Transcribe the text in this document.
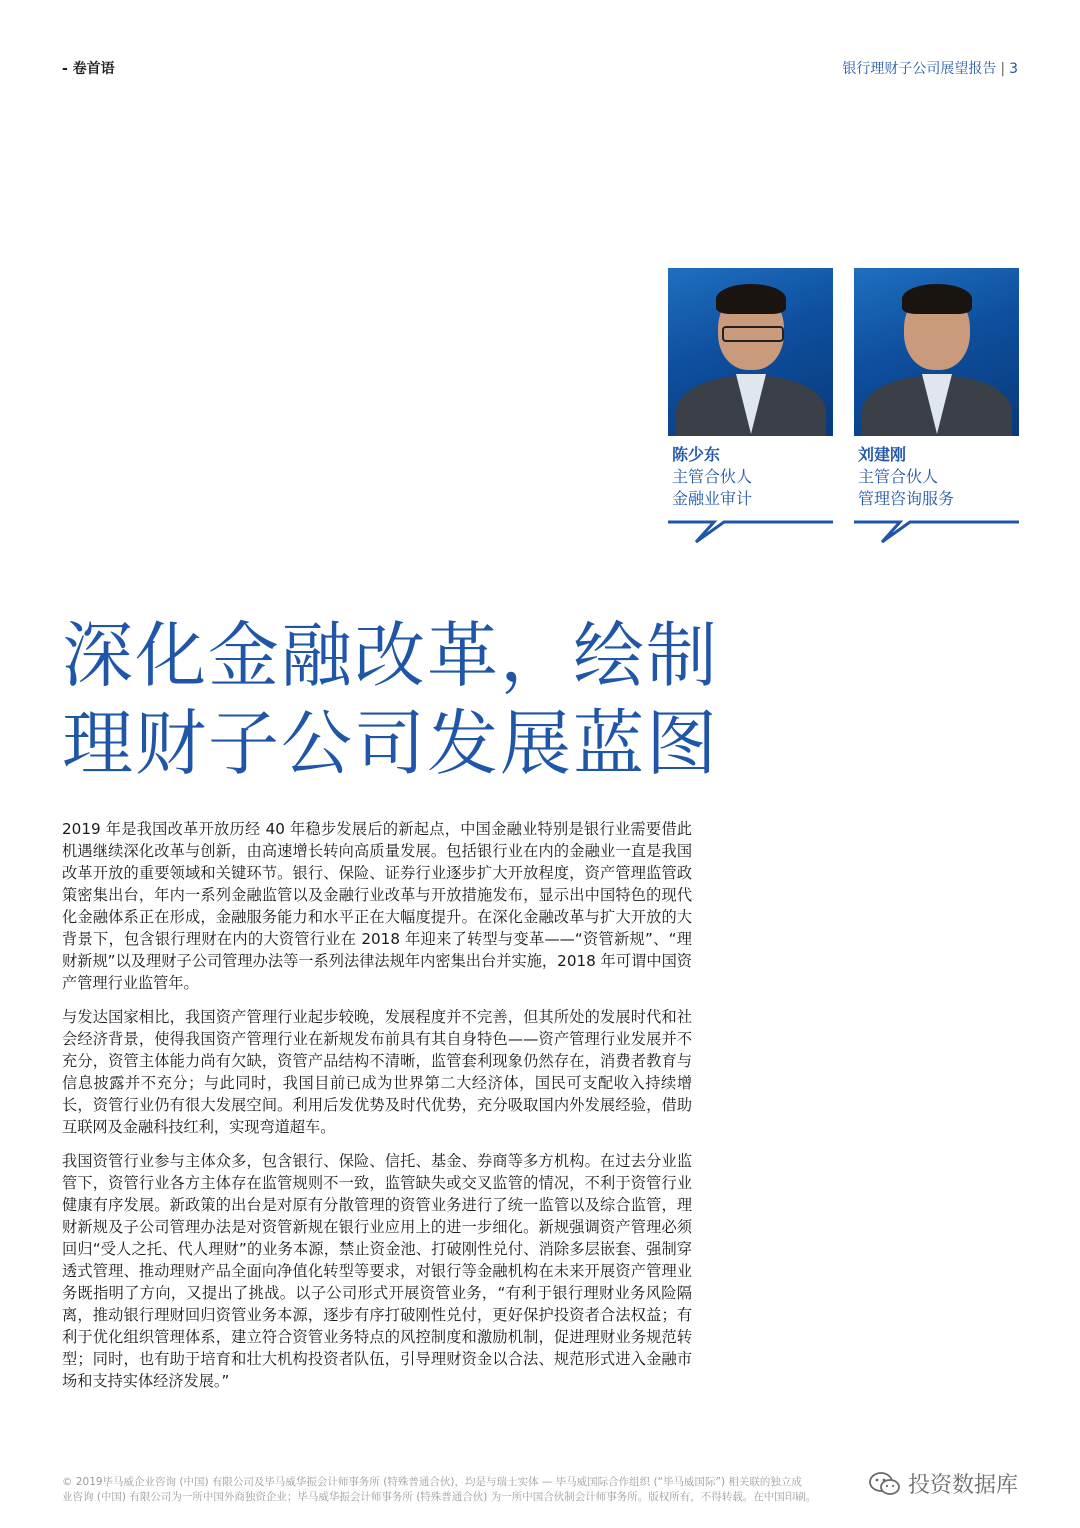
- 卷首语	银行理财子公司展望报告 | 3
陈少东
主管合伙人
金融业审计
刘建刚
主管合伙人
管理咨询服务
深化金融改革，绘制
理财子公司发展蓝图

2019 年是我国改革开放历经 40 年稳步发展后的新起点，中国金融业特别是银行业需要借此机遇继续深化改革与创新，由高速增长转向高质量发展。包括银行业在内的金融业一直是我国改革开放的重要领域和关键环节。银行、保险、证券行业逐步扩大开放程度，资产管理监管政策密集出台，年内一系列金融监管以及金融行业改革与开放措施发布，显示出中国特色的现代化金融体系正在形成，金融服务能力和水平正在大幅度提升。在深化金融改革与扩大开放的大背景下，包含银行理财在内的大资管行业在 2018 年迎来了转型与变革——“资管新规”、“理财新规”以及理财子公司管理办法等一系列法律法规年内密集出台并实施，2018 年可谓中国资产管理行业监管年。

与发达国家相比，我国资产管理行业起步较晚，发展程度并不完善，但其所处的发展时代和社会经济背景，使得我国资产管理行业在新规发布前具有其自身特色——资产管理行业发展并不充分，资管主体能力尚有欠缺，资管产品结构不清晰，监管套利现象仍然存在，消费者教育与信息披露并不充分；与此同时，我国目前已成为世界第二大经济体，国民可支配收入持续增长，资管行业仍有很大发展空间。利用后发优势及时代优势，充分吸取国内外发展经验，借助互联网及金融科技红利，实现弯道超车。

我国资管行业参与主体众多，包含银行、保险、信托、基金、券商等多方机构。在过去分业监管下，资管行业各方主体存在监管规则不一致，监管缺失或交叉监管的情况，不利于资管行业健康有序发展。新政策的出台是对原有分散管理的资管业务进行了统一监管以及综合监管，理财新规及子公司管理办法是对资管新规在银行业应用上的进一步细化。新规强调资产管理必须回归“受人之托、代人理财”的业务本源，禁止资金池、打破刚性兑付、消除多层嵌套、强制穿透式管理、推动理财产品全面向净值化转型等要求，对银行等金融机构在未来开展资产管理业务既指明了方向，又提出了挑战。以子公司形式开展资管业务，“有利于银行理财业务风险隔离，推动银行理财回归资管业务本源，逐步有序打破刚性兑付，更好保护投资者合法权益；有利于优化组织管理体系，建立符合资管业务特点的风控制度和激励机制，促进理财业务规范转型；同时，也有助于培育和壮大机构投资者队伍，引导理财资金以合法、规范形式进入金融市场和支持实体经济发展。”

© 2019毕马威企业咨询 (中国) 有限公司及毕马威华振会计师事务所 (特殊普通合伙)，均是与瑞士实体 — 毕马威国际合作组织 (“毕马威国际”) 相关联的独立成
业咨询 (中国) 有限公司为一所中国外商独资企业；毕马威华振会计师事务所 (特殊普通合伙) 为一所中国合伙制会计师事务所。版权所有，不得转载。在中国印刷。	投资数据库
